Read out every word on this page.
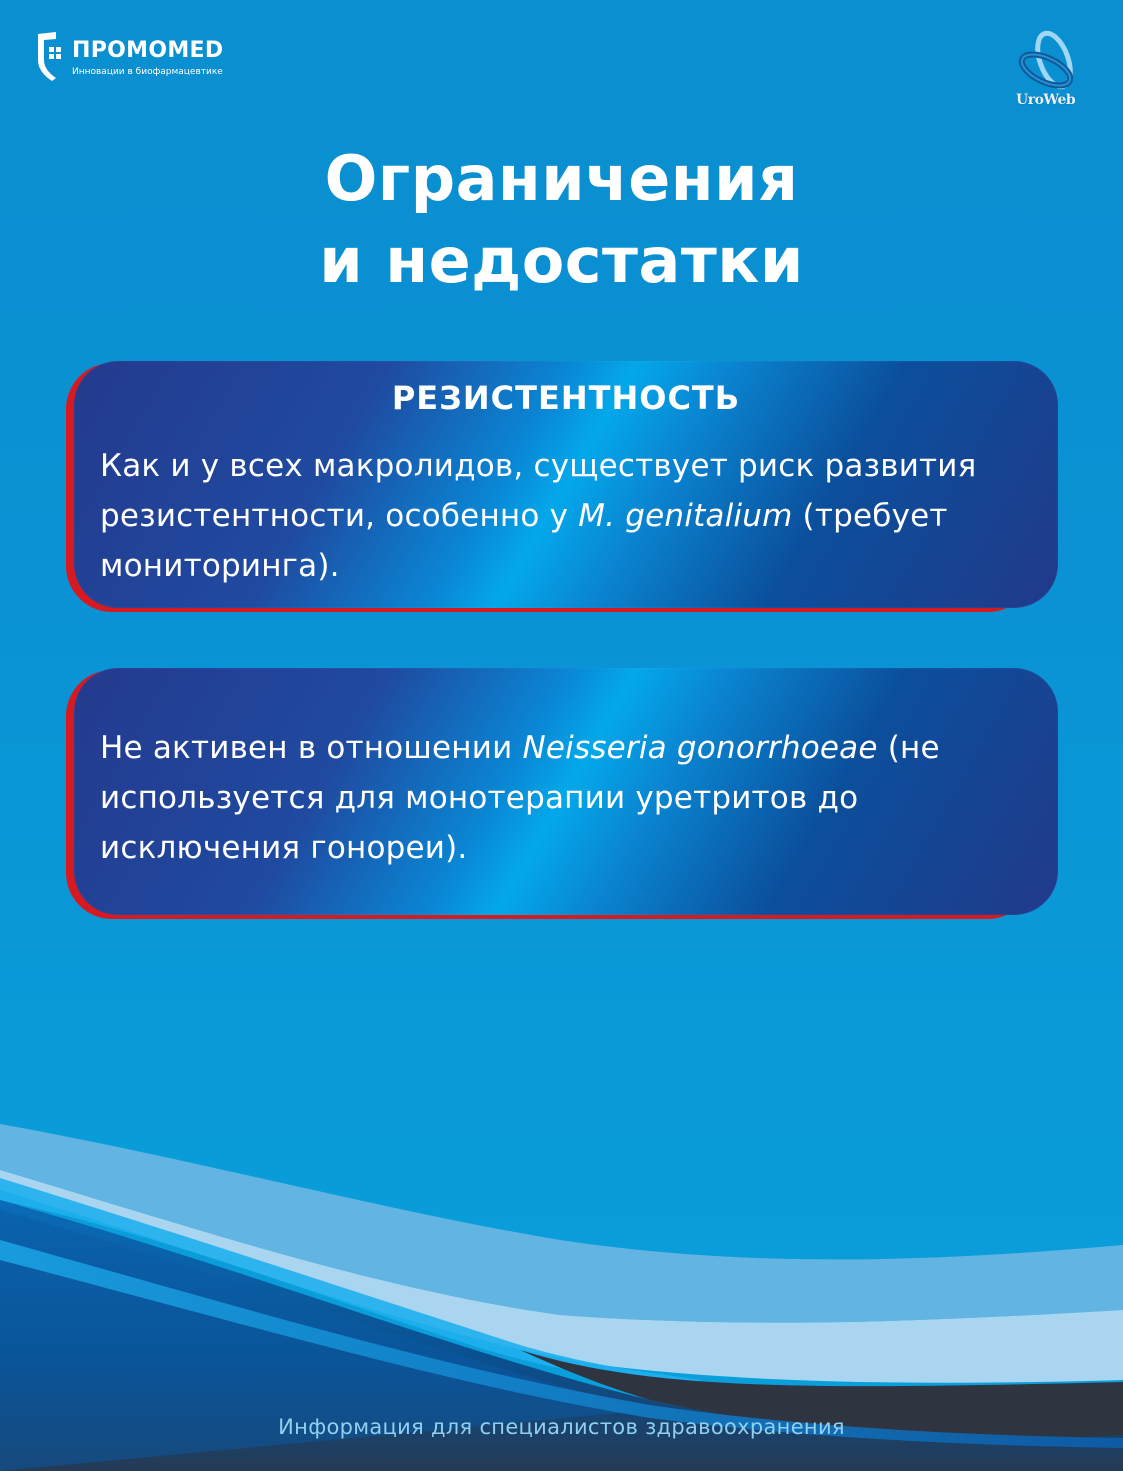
ПРОМОМЕD
Инновации в биофармацевтике
UroWeb
Ограничения
и недостатки
РЕЗИСТЕНТНОСТЬ
Как и у всех макролидов, существует риск развития резистентности, особенно у M. genitalium (требует мониторинга).
Не активен в отношении Neisseria gonorrhoeae (не используется для монотерапии уретритов до исключения гонореи).
Информация для специалистов здравоохранения
